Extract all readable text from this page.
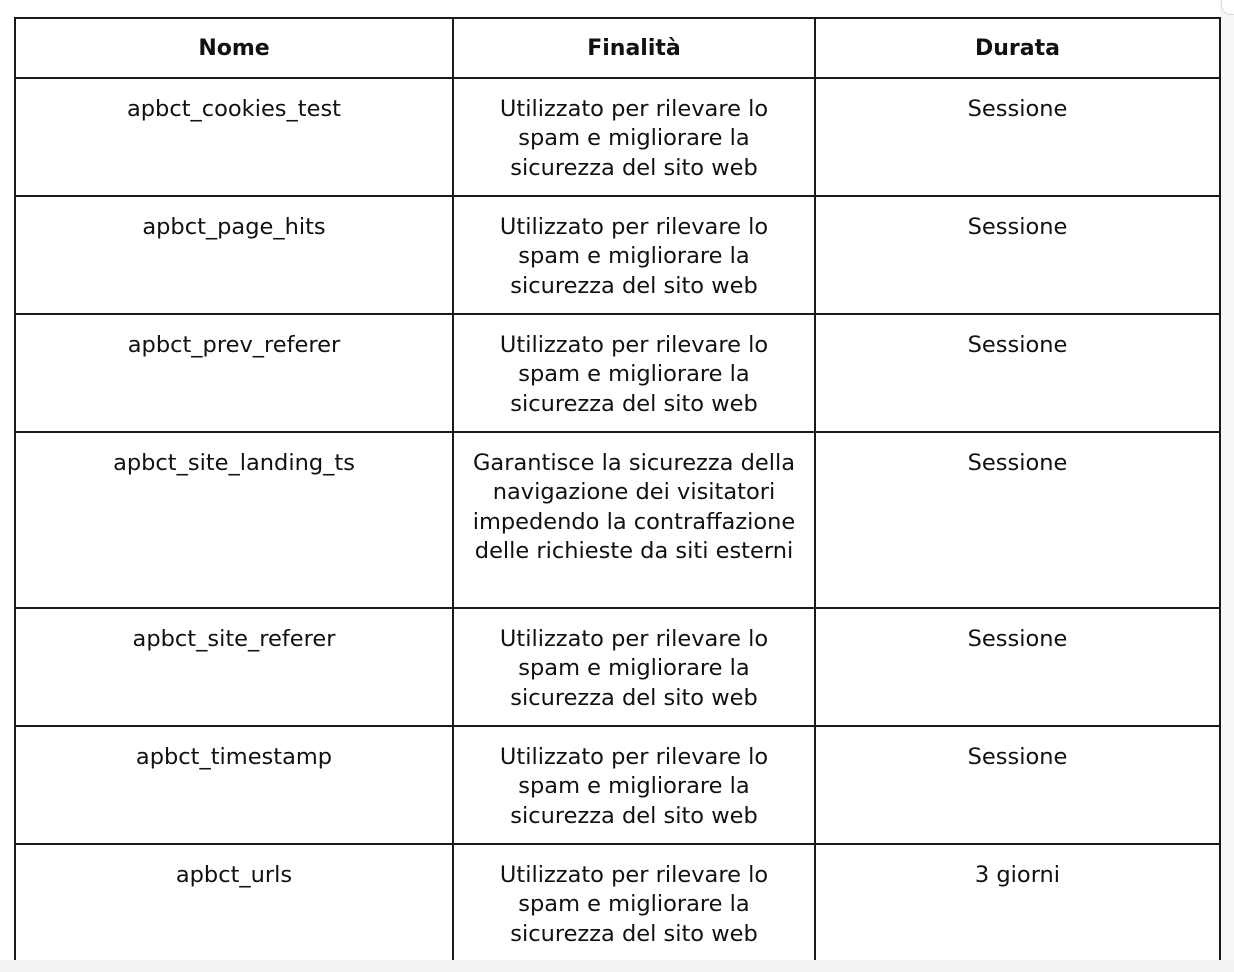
Nome	Finalità	Durata
apbct_cookies_test	Utilizzato per rilevare lo spam e migliorare la sicurezza del sito web	Sessione
apbct_page_hits	Utilizzato per rilevare lo spam e migliorare la sicurezza del sito web	Sessione
apbct_prev_referer	Utilizzato per rilevare lo spam e migliorare la sicurezza del sito web	Sessione
apbct_site_landing_ts	Garantisce la sicurezza della navigazione dei visitatori impedendo la contraffazione delle richieste da siti esterni	Sessione
apbct_site_referer	Utilizzato per rilevare lo spam e migliorare la sicurezza del sito web	Sessione
apbct_timestamp	Utilizzato per rilevare lo spam e migliorare la sicurezza del sito web	Sessione
apbct_urls	Utilizzato per rilevare lo spam e migliorare la sicurezza del sito web	3 giorni
